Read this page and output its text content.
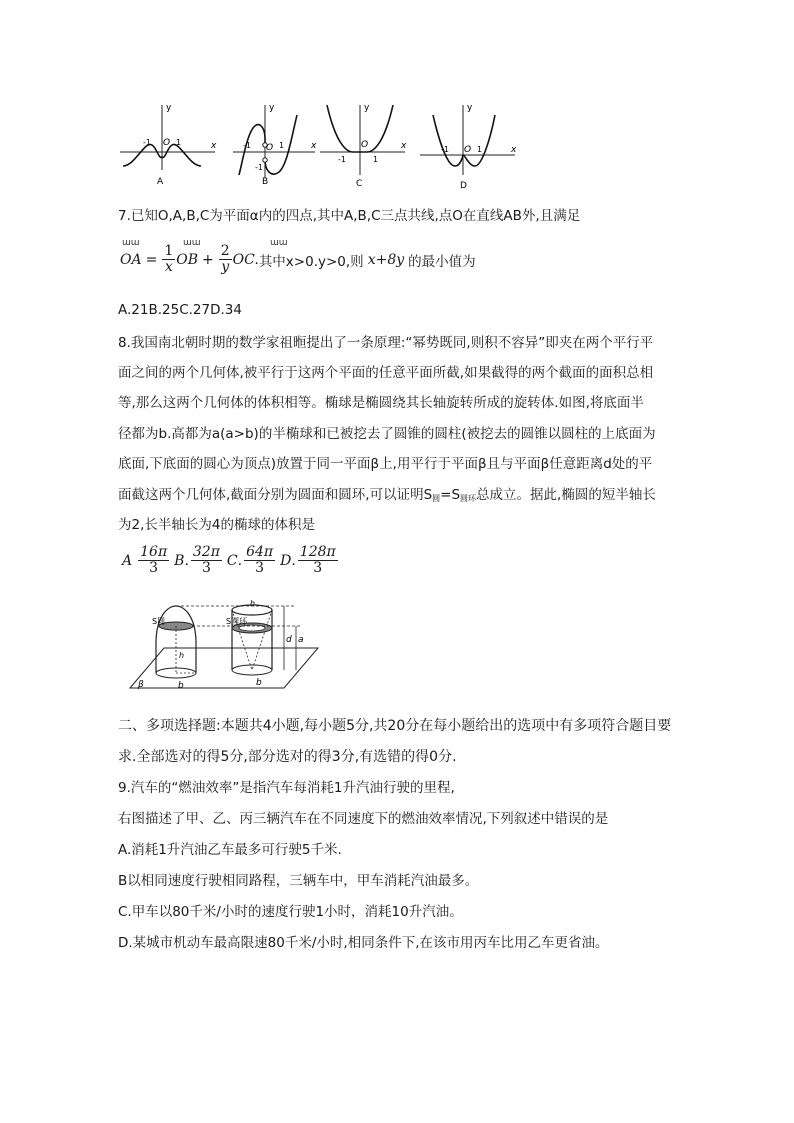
y
x
O
-1	1
A
y
x
O
-1	1
-1
B
y
x
O
-1	1
C
y
x
O
-1	1
D
7.已知O,A,B,C为平面α内的四点,其中A,B,C三点共线,点O在直线AB外,且满足
ɯɯ	ɯɯ	ɯɯ
OA = $\frac{1}{x}$ OB + $\frac{2}{y}$ OC. 其中x>0.y>0,则 x+8y 的最小值为
A.21B.25C.27D.34
8.我国南北朝时期的数学家祖暅提出了一条原理:“幂势既同,则积不容异”即夹在两个平行平
面之间的两个几何体,被平行于这两个平面的任意平面所截,如果截得的两个截面的面积总相
等,那么这两个几何体的体积相等。椭球是椭圆绕其长轴旋转所成的旋转体.如图,将底面半
径都为b.高都为a(a>b)的半椭球和已被挖去了圆锥的圆柱(被挖去的圆锥以圆柱的上底面为
底面,下底面的圆心为顶点)放置于同一平面β上,用平行于平面β且与平面β任意距离d处的平
面截这两个几何体,截面分别为圆面和圆环,可以证明$S_圆=S_{圆环}$总成立。据此,椭圆的短半轴长
为2,长半轴长为4的椭球的体积是
A $\frac{16\pi}{3}$ B . $\frac{32\pi}{3}$ C . $\frac{64\pi}{3}$ D . $\frac{128\pi}{3}$
β
S圆
b
h
S圆环
h
b
d a
二、多项选择题:本题共4小题,每小题5分,共20分在每小题给出的选项中有多项符合题目要
求.全部选对的得5分,部分选对的得3分,有选错的得0分.
9.汽车的“燃油效率”是指汽车每消耗1升汽油行驶的里程,
右图描述了甲、乙、丙三辆汽车在不同速度下的燃油效率情况,下列叙述中错误的是
A.消耗1升汽油乙车最多可行驶5千米.
B以相同速度行驶相同路程，三辆车中，甲车消耗汽油最多。
C.甲车以80千米/小时的速度行驶1小时，消耗10升汽油。
D.某城市机动车最高限速80千米/小时,相同条件下,在该市用丙车比用乙车更省油。
